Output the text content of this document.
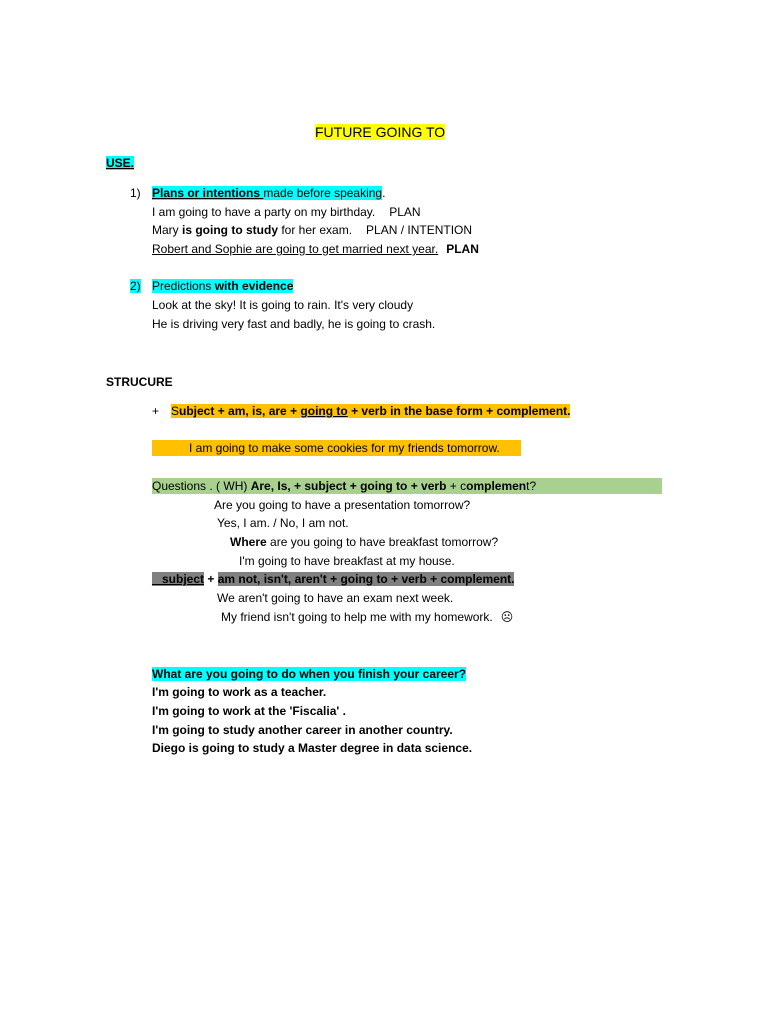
FUTURE GOING TO
USE.
1) Plans or intentions made before speaking.
I am going to have a party on my birthday. PLAN
Mary is going to study for her exam. PLAN / INTENTION
Robert and Sophie are going to get married next year. PLAN
2) Predictions with evidence
Look at the sky! It is going to rain. It's very cloudy
He is driving very fast and badly, he is going to crash.
STRUCURE
+ Subject + am, is, are + going to + verb in the base form + complement.
I am going to make some cookies for my friends tomorrow.
Questions . ( WH) Are, Is, + subject + going to + verb + complement?
Are you going to have a presentation tomorrow?
Yes, I am. / No, I am not.
Where are you going to have breakfast tomorrow?
I'm going to have breakfast at my house.
_ subject + am not, isn't, aren't + going to + verb + complement.
We aren't going to have an exam next week.
My friend isn't going to help me with my homework. ☹
What are you going to do when you finish your career?
I'm going to work as a teacher.
I'm going to work at the 'Fiscalia' .
I'm going to study another career in another country.
Diego is going to study a Master degree in data science.
